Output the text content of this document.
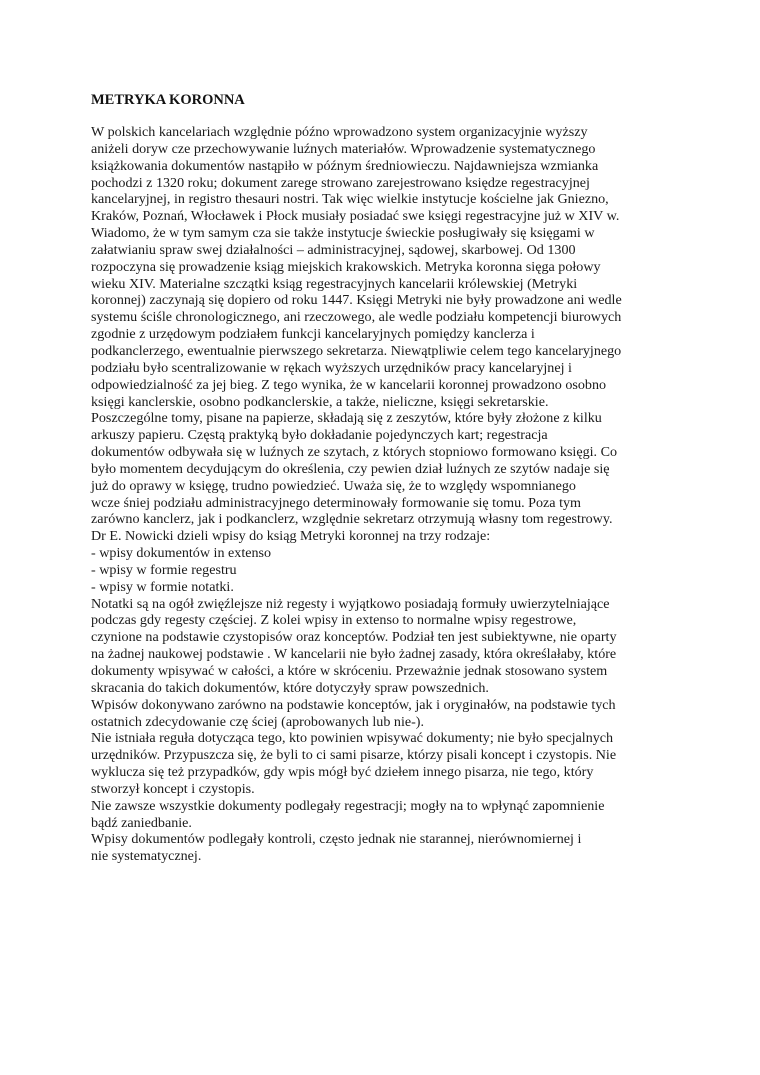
METRYKA KORONNA
W polskich kancelariach względnie późno wprowadzono system organizacyjnie wyższy
aniżeli doryw cze przechowywanie luźnych materiałów. Wprowadzenie systematycznego
książkowania dokumentów nastąpiło w późnym średniowieczu. Najdawniejsza wzmianka
pochodzi z 1320 roku; dokument zarege strowano zarejestrowano księdze regestracyjnej
kancelaryjnej, in registro thesauri nostri. Tak więc wielkie instytucje kościelne jak Gniezno,
Kraków, Poznań, Włocławek i Płock musiały posiadać swe księgi regestracyjne już w XIV w.
Wiadomo, że w tym samym cza sie także instytucje świeckie posługiwały się księgami w
załatwianiu spraw swej działalności – administracyjnej, sądowej, skarbowej. Od 1300
rozpoczyna się prowadzenie ksiąg miejskich krakowskich. Metryka koronna sięga połowy
wieku XIV. Materialne szczątki ksiąg regestracyjnych kancelarii królewskiej (Metryki
koronnej) zaczynają się dopiero od roku 1447. Księgi Metryki nie były prowadzone ani wedle
systemu ściśle chronologicznego, ani rzeczowego, ale wedle podziału kompetencji biurowych
zgodnie z urzędowym podziałem funkcji kancelaryjnych pomiędzy kanclerza i
podkanclerzego, ewentualnie pierwszego sekretarza. Niewątpliwie celem tego kancelaryjnego
podziału było scentralizowanie w rękach wyższych urzędników pracy kancelaryjnej i
odpowiedzialność za jej bieg. Z tego wynika, że w kancelarii koronnej prowadzono osobno
księgi kanclerskie, osobno podkanclerskie, a także, nieliczne, księgi sekretarskie.
Poszczególne tomy, pisane na papierze, składają się z zeszytów, które były złożone z kilku
arkuszy papieru. Częstą praktyką było dokładanie pojedynczych kart; regestracja
dokumentów odbywała się w luźnych ze szytach, z których stopniowo formowano księgi. Co
było momentem decydującym do określenia, czy pewien dział luźnych ze szytów nadaje się
już do oprawy w księgę, trudno powiedzieć. Uważa się, że to względy wspomnianego
wcze śniej podziału administracyjnego determinowały formowanie się tomu. Poza tym
zarówno kanclerz, jak i podkanclerz, względnie sekretarz otrzymują własny tom regestrowy.
Dr E. Nowicki dzieli wpisy do ksiąg Metryki koronnej na trzy rodzaje:
- wpisy dokumentów in extenso
- wpisy w formie regestru
- wpisy w formie notatki.
Notatki są na ogół zwięźlejsze niż regesty i wyjątkowo posiadają formuły uwierzytelniające
podczas gdy regesty częściej. Z kolei wpisy in extenso to normalne wpisy regestrowe,
czynione na podstawie czystopisów oraz konceptów. Podział ten jest subiektywne, nie oparty
na żadnej naukowej podstawie . W kancelarii nie było żadnej zasady, która określałaby, które
dokumenty wpisywać w całości, a które w skróceniu. Przeważnie jednak stosowano system
skracania do takich dokumentów, które dotyczyły spraw powszednich.
Wpisów dokonywano zarówno na podstawie konceptów, jak i oryginałów, na podstawie tych
ostatnich zdecydowanie czę ściej (aprobowanych lub nie-).
Nie istniała reguła dotycząca tego, kto powinien wpisywać dokumenty; nie było specjalnych
urzędników. Przypuszcza się, że byli to ci sami pisarze, którzy pisali koncept i czystopis. Nie
wyklucza się też przypadków, gdy wpis mógł być dziełem innego pisarza, nie tego, który
stworzył koncept i czystopis.
Nie zawsze wszystkie dokumenty podlegały regestracji; mogły na to wpłynąć zapomnienie
bądź zaniedbanie.
Wpisy dokumentów podlegały kontroli, często jednak nie starannej, nierównomiernej i
nie systematycznej.
